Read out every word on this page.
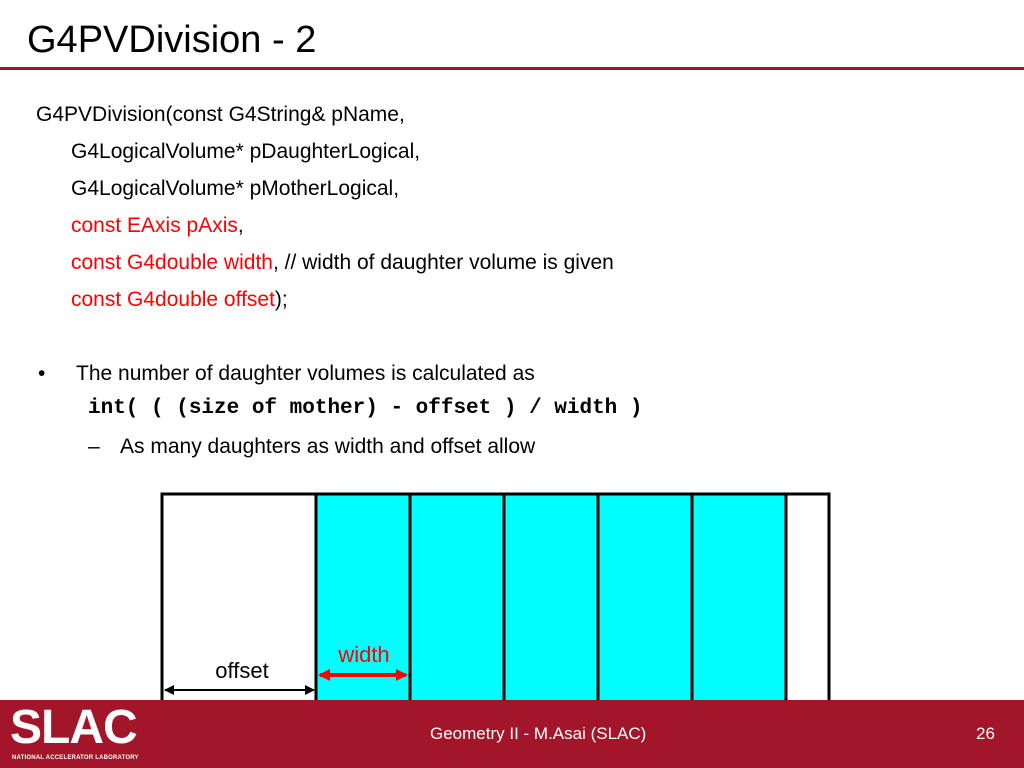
G4PVDivision - 2
G4PVDivision(const G4String& pName,
G4LogicalVolume* pDaughterLogical,
G4LogicalVolume* pMotherLogical,
const EAxis pAxis,
const G4double width, // width of daughter volume is given
const G4double offset);
• The number of daughter volumes is calculated as
int( ( (size of mother) - offset ) / width )
– As many daughters as width and offset allow
offset
width
SLAC
NATIONAL ACCELERATOR LABORATORY
Geometry II - M.Asai (SLAC)	26
